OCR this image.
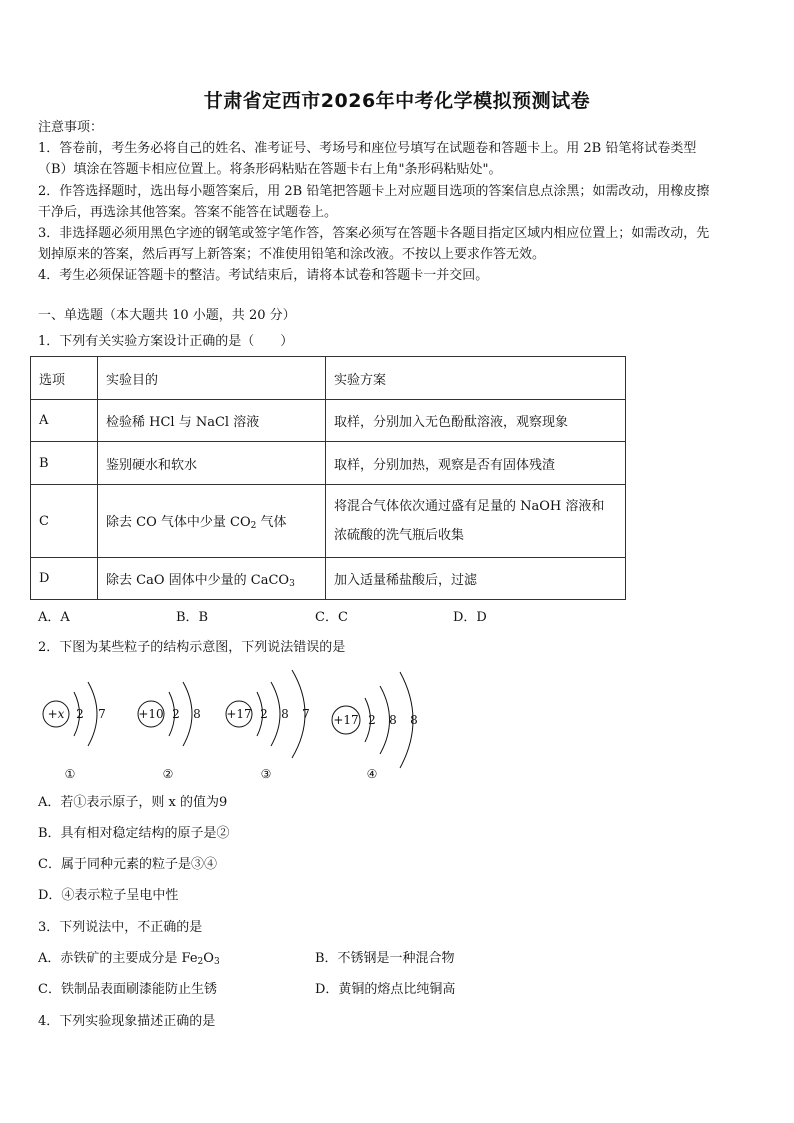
甘肃省定西市2026年中考化学模拟预测试卷
注意事项：
1．答卷前，考生务必将自己的姓名、准考证号、考场号和座位号填写在试题卷和答题卡上。用 2B 铅笔将试卷类型
（B）填涂在答题卡相应位置上。将条形码粘贴在答题卡右上角"条形码粘贴处"。
2．作答选择题时，选出每小题答案后，用 2B 铅笔把答题卡上对应题目选项的答案信息点涂黑；如需改动，用橡皮擦
干净后，再选涂其他答案。答案不能答在试题卷上。
3．非选择题必须用黑色字迹的钢笔或签字笔作答，答案必须写在答题卡各题目指定区域内相应位置上；如需改动，先
划掉原来的答案，然后再写上新答案；不准使用铅笔和涂改液。不按以上要求作答无效。
4．考生必须保证答题卡的整洁。考试结束后，请将本试卷和答题卡一并交回。
一、单选题（本大题共 10 小题，共 20 分）
1．下列有关实验方案设计正确的是（　　）
选项	实验目的	实验方案
A	检验稀 HCl 与 NaCl 溶液	取样，分别加入无色酚酞溶液，观察现象
B	鉴别硬水和软水	取样，分别加热，观察是否有固体残渣
C	除去 CO 气体中少量 $CO_2$ 气体	将混合气体依次通过盛有足量的 NaOH 溶液和
浓硫酸的洗气瓶后收集

D	除去 CaO 固体中少量的 CaCO$_3$	加入适量稀盐酸后，过滤
A．A	B．B	C．C	D．D
2．下图为某些粒子的结构示意图，下列说法错误的是
+x 2 7
①
+10 2 8
②
+17 2 8 7
③
+17 2 8 8
④
A．若①表示原子，则 x 的值为9
B．具有相对稳定结构的原子是②
C．属于同种元素的粒子是③④
D．④表示粒子呈电中性
3．下列说法中，不正确的是
A．赤铁矿的主要成分是 $Fe_2O_3$	B．不锈钢是一种混合物
C．铁制品表面刷漆能防止生锈	D．黄铜的熔点比纯铜高
4．下列实验现象描述正确的是
